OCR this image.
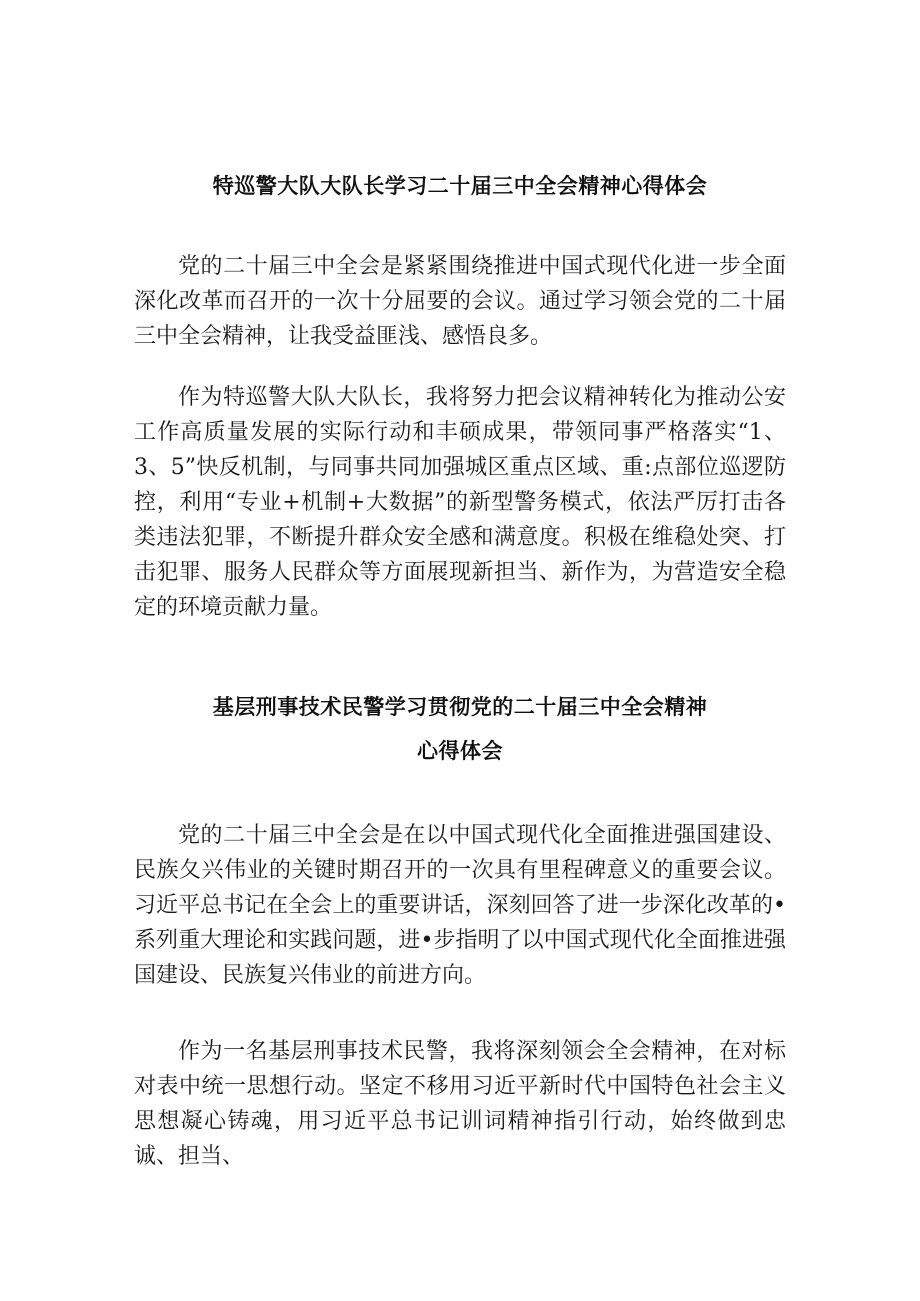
特巡警大队大队长学习二十届三中全会精神心得体会
党的二十届三中全会是紧紧围绕推进中国式现代化进一步全面深化改革而召开的一次十分屈要的会议。通过学习领会党的二十届三中全会精神，让我受益匪浅、感悟良多。
作为特巡警大队大队长，我将努力把会议精神转化为推动公安工作高质量发展的实际行动和丰硕成果，带领同事严格落实“1、3、5”快反机制，与同事共同加强城区重点区域、重:点部位巡逻防控，利用“专业+机制+大数据”的新型警务模式，依法严厉打击各类违法犯罪，不断提升群众安全感和满意度。积极在维稳处突、打击犯罪、服务人民群众等方面展现新担当、新作为，为营造安全稳定的环境贡献力量。
基层刑事技术民警学习贯彻党的二十届三中全会精神
心得体会
党的二十届三中全会是在以中国式现代化全面推进强国建设、民族夂兴伟业的关键时期召开的一次具有里程碑意义的重要会议。习近平总书记在全会上的重要讲话，深刻回答了进一步深化改革的•系列重大理论和实践问题，进•步指明了以中国式现代化全面推进强国建设、民族复兴伟业的前进方向。
作为一名基层刑事技术民警，我将深刻领会全会精神，在对标对表中统一思想行动。坚定不移用习近平新时代中国特色社会主义思想凝心铸魂，用习近平总书记训词精神指引行动，始终做到忠诚、担当、
